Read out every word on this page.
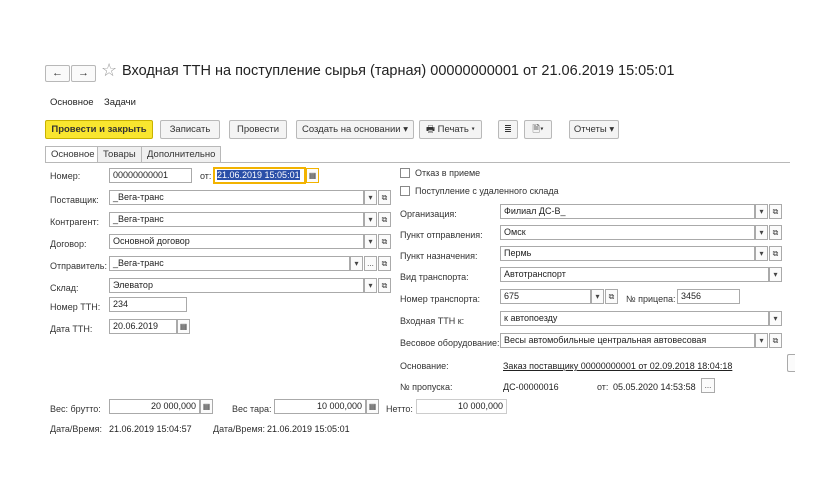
←	→ ☆ Входная ТТН на поступление сырья (тарная) 00000000001 от 21.06.2019 15:05:01
Основное Задачи
Провести и закрыть	Записать	Провести	Создать на основании ▾	🖶 Печать ▾	≣	🗎▾	Отчеты ▾
Основное Товары	Дополнительно
Номер:	00000000001	от: 21.06.2019 15:05:01	▦
Поставщик:	_Вега-транс	▾	⧉
Контрагент:	_Вега-транс	▾	⧉
Договор:	Основной договор	▾	⧉
Отправитель: _Вега-транс	▾	... ⧉
Склад:	Элеватор	▾	⧉
Номер ТТН:	234
Дата ТТН:	20.06.2019	▦
Отказ в приеме
Поступление с удаленного склада
Организация:	Филиал ДС-В_	▾	⧉
Пункт отправления:	Омск	▾	⧉
Пункт назначения:	Пермь	▾	⧉
Вид транспорта:	Автотранспорт	▾
Номер транспорта:	675	▾	⧉	№ прицепа: 3456
Входная ТТН к:	к автопоезду	▾
Весовое оборудование: Весы автомобильные центральная автовесовая	▾	⧉
Основание:	Заказ поставщику 00000000001 от 02.09.2018 18:04:18
№ пропуска:	ДС-00000016	от: 05.05.2020 14:53:58	...
Вес: брутто:	20 000,000 ▦	Вес тара:	10 000,000 ▦	Нетто:	10 000,000
Дата/Время: 21.06.2019 15:04:57 Дата/Время: 21.06.2019 15:05:01
